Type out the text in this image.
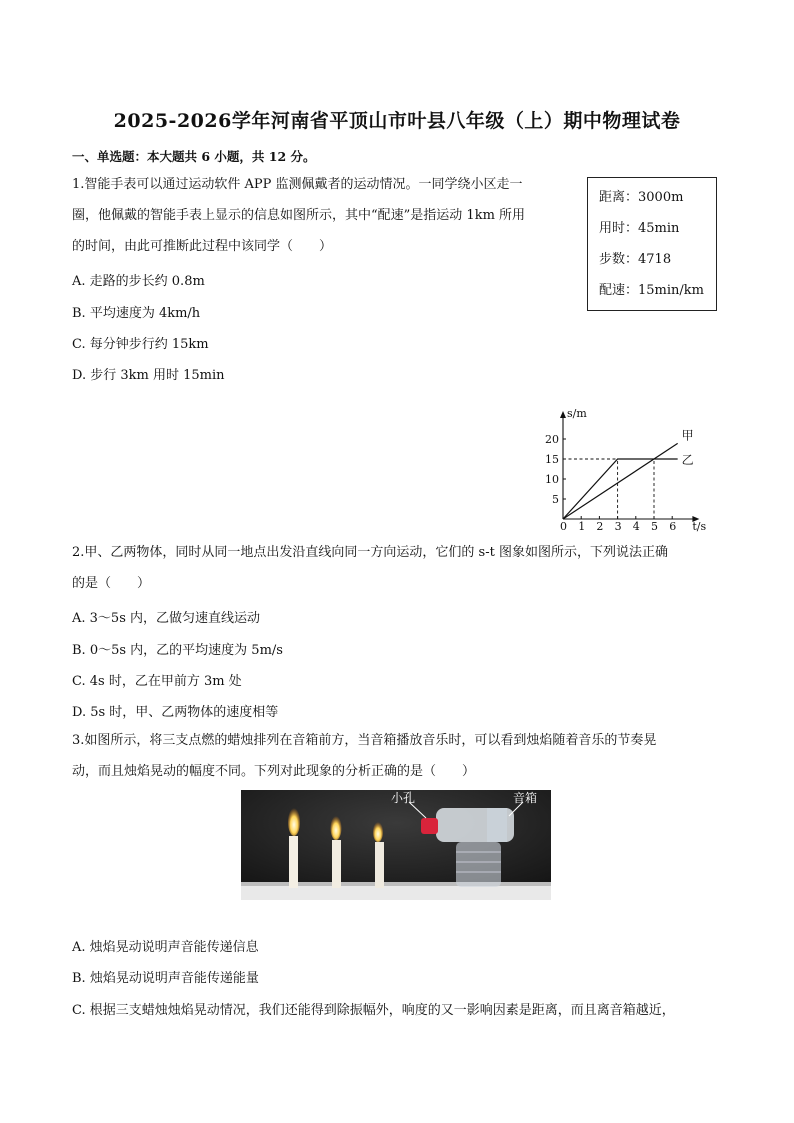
2025-2026学年河南省平顶山市叶县八年级（上）期中物理试卷
一、单选题：本大题共 6 小题，共 12 分。
1.智能手表可以通过运动软件 APP 监测佩戴者的运动情况。一同学绕小区走一
圈，他佩戴的智能手表上显示的信息如图所示，其中“配速”是指运动 1km 所用
的时间，由此可推断此过程中该同学（　　）
A. 走路的步长约 0.8m
B. 平均速度为 4km/h
C. 每分钟步行约 15km
D. 步行 3km 用时 15min
距离：3000m
用时：45min
步数：4718
配速：15min/km
s/m
t/s
0 1 2 3 4 5 6
5
10
15
20	甲
乙
2.甲、乙两物体，同时从同一地点出发沿直线向同一方向运动，它们的 s-t 图象如图所示，下列说法正确
的是（　　）
A. 3～5s 内，乙做匀速直线运动
B. 0～5s 内，乙的平均速度为 5m/s
C. 4s 时，乙在甲前方 3m 处
D. 5s 时，甲、乙两物体的速度相等
3.如图所示，将三支点燃的蜡烛排列在音箱前方，当音箱播放音乐时，可以看到烛焰随着音乐的节奏晃
动，而且烛焰晃动的幅度不同。下列对此现象的分析正确的是（　　）
小孔	音箱
A. 烛焰晃动说明声音能传递信息
B. 烛焰晃动说明声音能传递能量
C. 根据三支蜡烛烛焰晃动情况，我们还能得到除振幅外，响度的又一影响因素是距离，而且离音箱越近，
